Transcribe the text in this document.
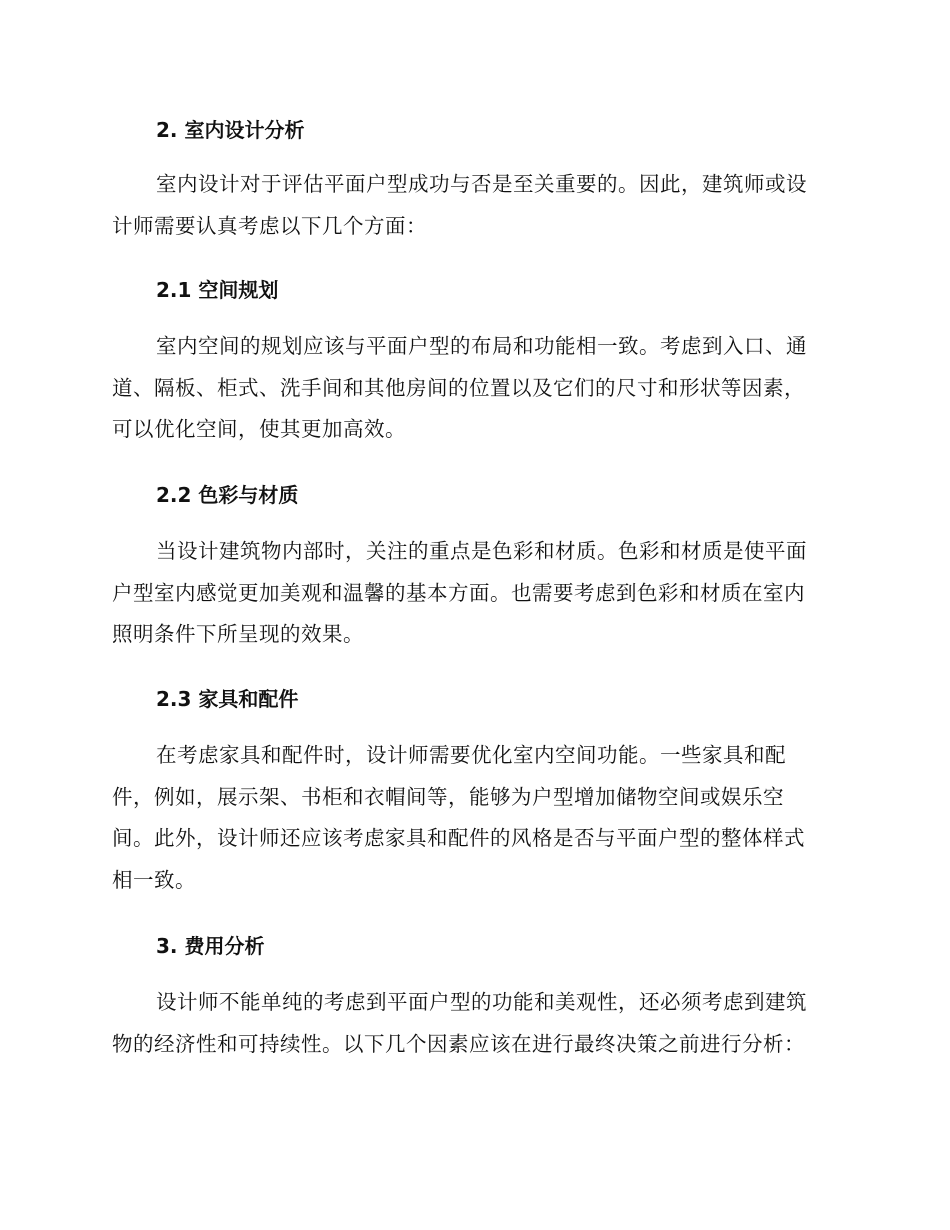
2. 室内设计分析

室内设计对于评估平面户型成功与否是至关重要的。因此，建筑师或设
计师需要认真考虑以下几个方面：

2.1 空间规划

室内空间的规划应该与平面户型的布局和功能相一致。考虑到入口、通
道、隔板、柜式、洗手间和其他房间的位置以及它们的尺寸和形状等因素，
可以优化空间，使其更加高效。

2.2 色彩与材质

当设计建筑物内部时，关注的重点是色彩和材质。色彩和材质是使平面
户型室内感觉更加美观和温馨的基本方面。也需要考虑到色彩和材质在室内
照明条件下所呈现的效果。

2.3 家具和配件

在考虑家具和配件时，设计师需要优化室内空间功能。一些家具和配
件，例如，展示架、书柜和衣帽间等，能够为户型增加储物空间或娱乐空
间。此外，设计师还应该考虑家具和配件的风格是否与平面户型的整体样式
相一致。

3. 费用分析

设计师不能单纯的考虑到平面户型的功能和美观性，还必须考虑到建筑
物的经济性和可持续性。以下几个因素应该在进行最终决策之前进行分析：
